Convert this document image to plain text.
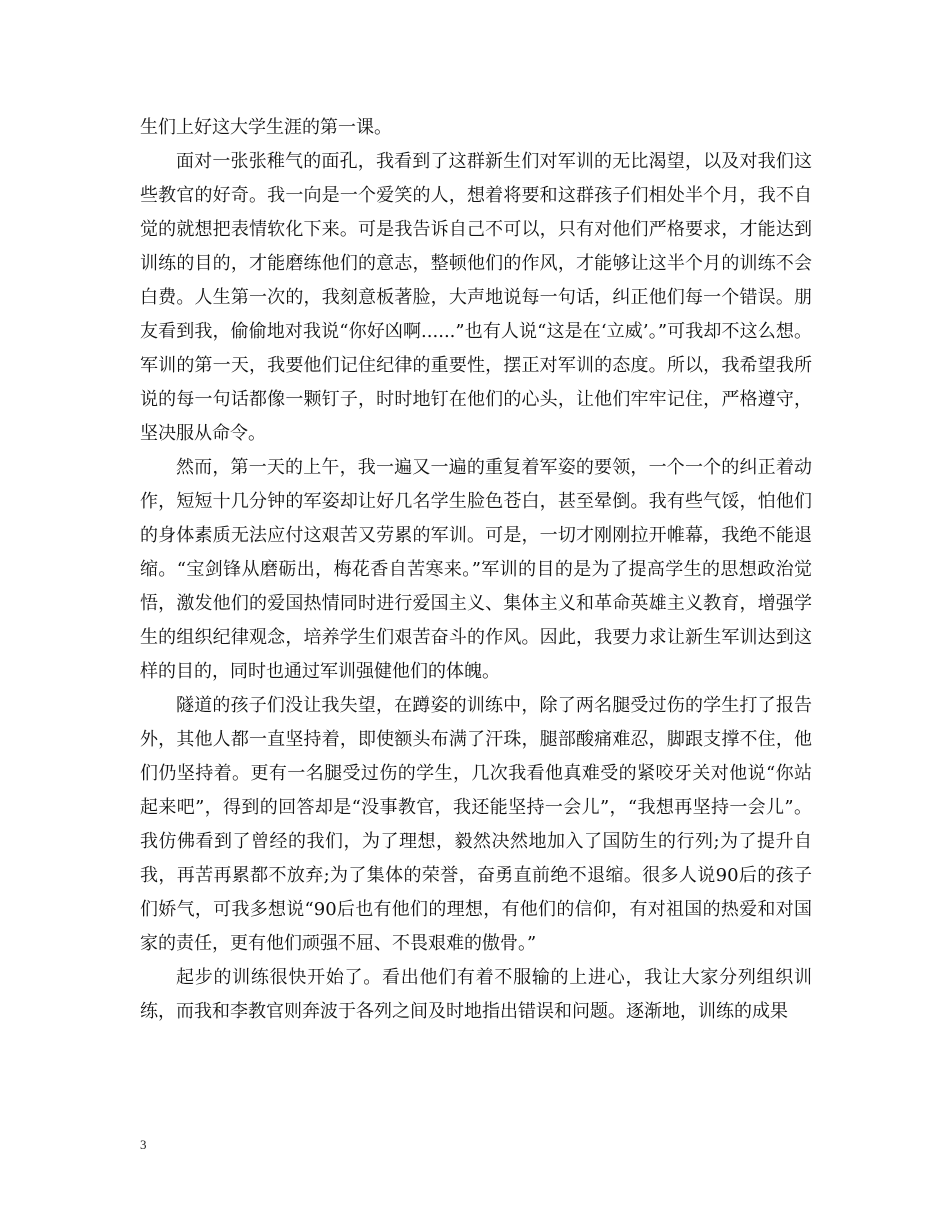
生们上好这大学生涯的第一课。

面对一张张稚气的面孔，我看到了这群新生们对军训的无比渴望，以及对我们这些教官的好奇。我一向是一个爱笑的人，想着将要和这群孩子们相处半个月，我不自觉的就想把表情软化下来。可是我告诉自己不可以，只有对他们严格要求，才能达到训练的目的，才能磨练他们的意志，整顿他们的作风，才能够让这半个月的训练不会白费。人生第一次的，我刻意板著脸，大声地说每一句话，纠正他们每一个错误。朋友看到我，偷偷地对我说“你好凶啊......”也有人说“这是在‘立威’。”可我却不这么想。军训的第一天，我要他们记住纪律的重要性，摆正对军训的态度。所以，我希望我所说的每一句话都像一颗钉子，时时地钉在他们的心头，让他们牢牢记住，严格遵守，坚决服从命令。

然而，第一天的上午，我一遍又一遍的重复着军姿的要领，一个一个的纠正着动作，短短十几分钟的军姿却让好几名学生脸色苍白，甚至晕倒。我有些气馁，怕他们的身体素质无法应付这艰苦又劳累的军训。可是，一切才刚刚拉开帷幕，我绝不能退缩。“宝剑锋从磨砺出，梅花香自苦寒来。”军训的目的是为了提高学生的思想政治觉悟，激发他们的爱国热情同时进行爱国主义、集体主义和革命英雄主义教育，增强学生的组织纪律观念，培养学生们艰苦奋斗的作风。因此，我要力求让新生军训达到这样的目的，同时也通过军训强健他们的体魄。

隧道的孩子们没让我失望，在蹲姿的训练中，除了两名腿受过伤的学生打了报告外，其他人都一直坚持着，即使额头布满了汗珠，腿部酸痛难忍，脚跟支撑不住，他们仍坚持着。更有一名腿受过伤的学生，几次我看他真难受的紧咬牙关对他说“你站起来吧”，得到的回答却是“没事教官，我还能坚持一会儿”，“我想再坚持一会儿”。我仿佛看到了曾经的我们，为了理想，毅然决然地加入了国防生的行列;为了提升自我，再苦再累都不放弃;为了集体的荣誉，奋勇直前绝不退缩。很多人说90后的孩子们娇气，可我多想说“90后也有他们的理想，有他们的信仰，有对祖国的热爱和对国家的责任，更有他们顽强不屈、不畏艰难的傲骨。”

起步的训练很快开始了。看出他们有着不服输的上进心，我让大家分列组织训练，而我和李教官则奔波于各列之间及时地指出错误和问题。逐渐地，训练的成果

3
